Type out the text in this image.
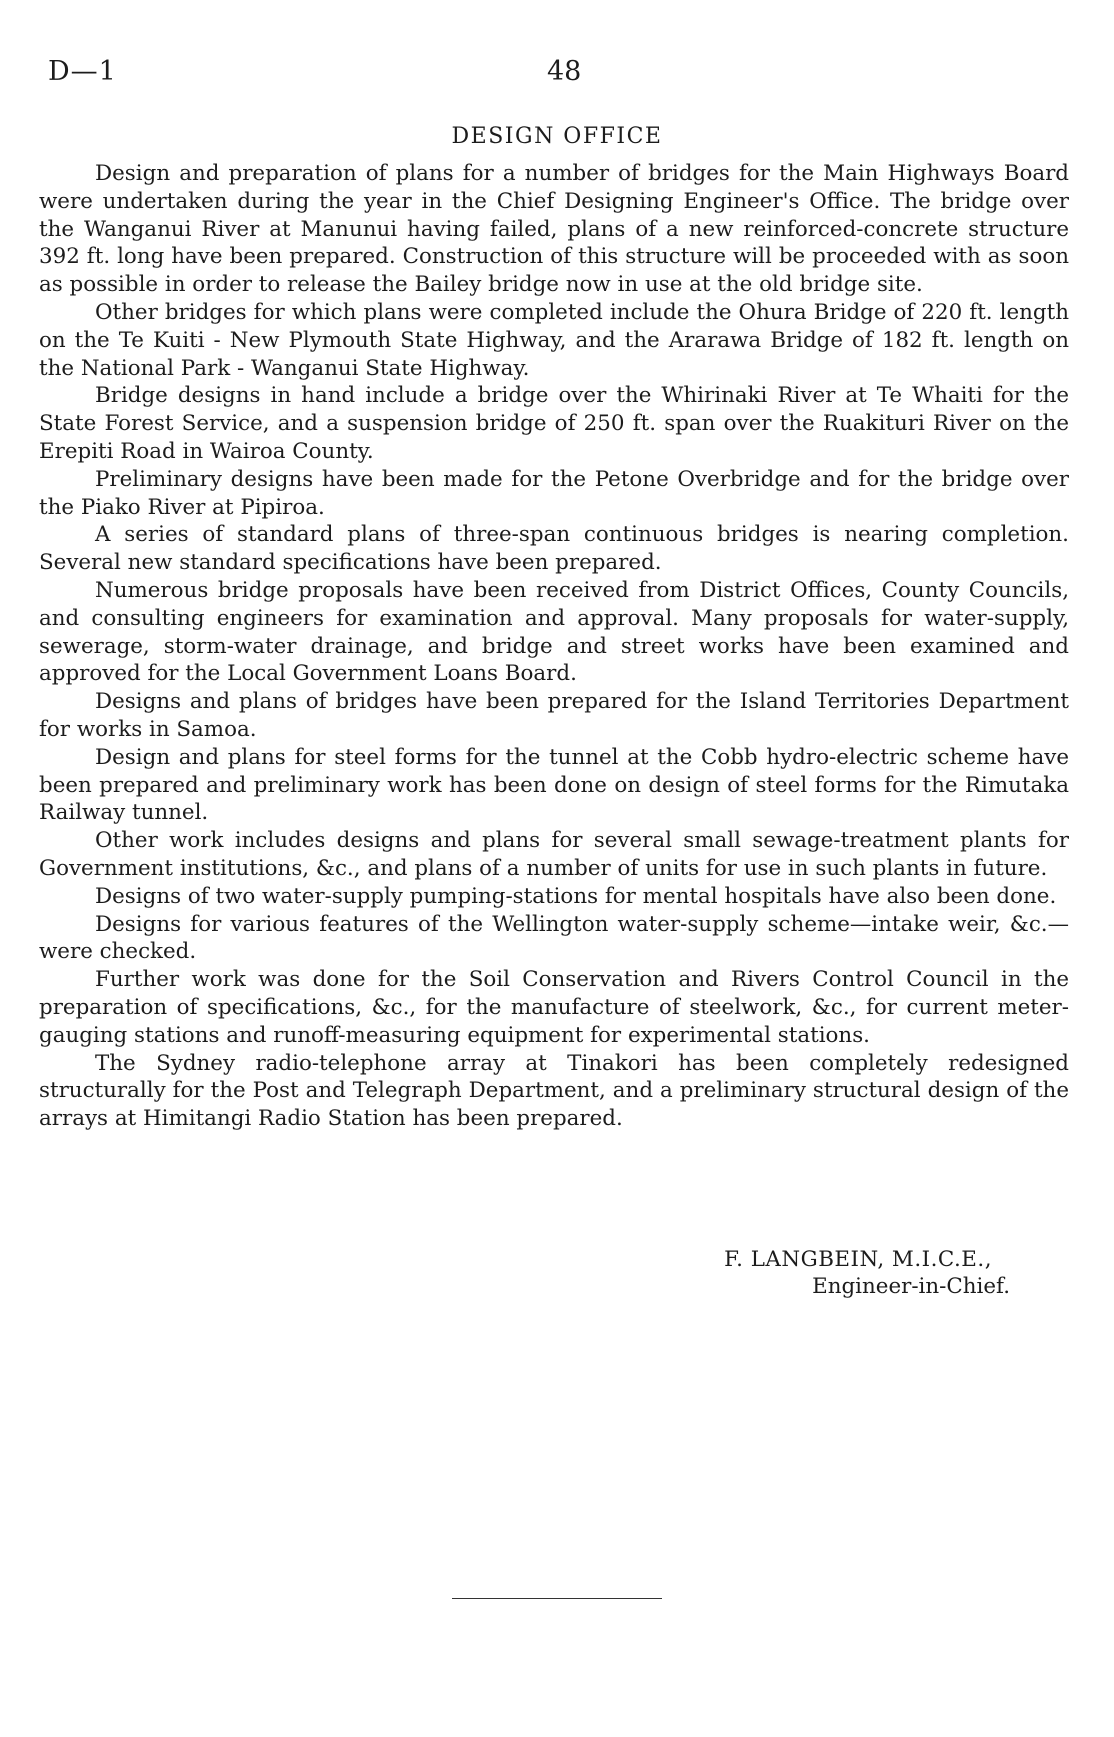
D—1	48
DESIGN OFFICE

Design and preparation of plans for a number of bridges for the Main Highways Board were undertaken during the year in the Chief Designing Engineer's Office. The bridge over the Wanganui River at Manunui having failed, plans of a new reinforced-concrete structure 392 ft. long have been prepared. Construction of this structure will be proceeded with as soon as possible in order to release the Bailey bridge now in use at the old bridge site.

Other bridges for which plans were completed include the Ohura Bridge of 220 ft. length on the Te Kuiti - New Plymouth State Highway, and the Ararawa Bridge of 182 ft. length on the National Park - Wanganui State Highway.

Bridge designs in hand include a bridge over the Whirinaki River at Te Whaiti for the State Forest Service, and a suspension bridge of 250 ft. span over the Ruakituri River on the Erepiti Road in Wairoa County.

Preliminary designs have been made for the Petone Overbridge and for the bridge over the Piako River at Pipiroa.

A series of standard plans of three-span continuous bridges is nearing completion. Several new standard specifications have been prepared.

Numerous bridge proposals have been received from District Offices, County Councils, and consulting engineers for examination and approval. Many proposals for water-supply, sewerage, storm-water drainage, and bridge and street works have been examined and approved for the Local Government Loans Board.

Designs and plans of bridges have been prepared for the Island Territories Department for works in Samoa.

Design and plans for steel forms for the tunnel at the Cobb hydro-electric scheme have been prepared and preliminary work has been done on design of steel forms for the Rimutaka Railway tunnel.

Other work includes designs and plans for several small sewage-treatment plants for Government institutions, &c., and plans of a number of units for use in such plants in future.

Designs of two water-supply pumping-stations for mental hospitals have also been done.

Designs for various features of the Wellington water-supply scheme—intake weir, &c.—were checked.

Further work was done for the Soil Conservation and Rivers Control Council in the preparation of specifications, &c., for the manufacture of steelwork, &c., for current meter-gauging stations and runoff-measuring equipment for experimental stations.

The Sydney radio-telephone array at Tinakori has been completely redesigned structurally for the Post and Telegraph Department, and a preliminary structural design of the arrays at Himitangi Radio Station has been prepared.

F. LANGBEIN, M.I.C.E.,
Engineer-in-Chief.
